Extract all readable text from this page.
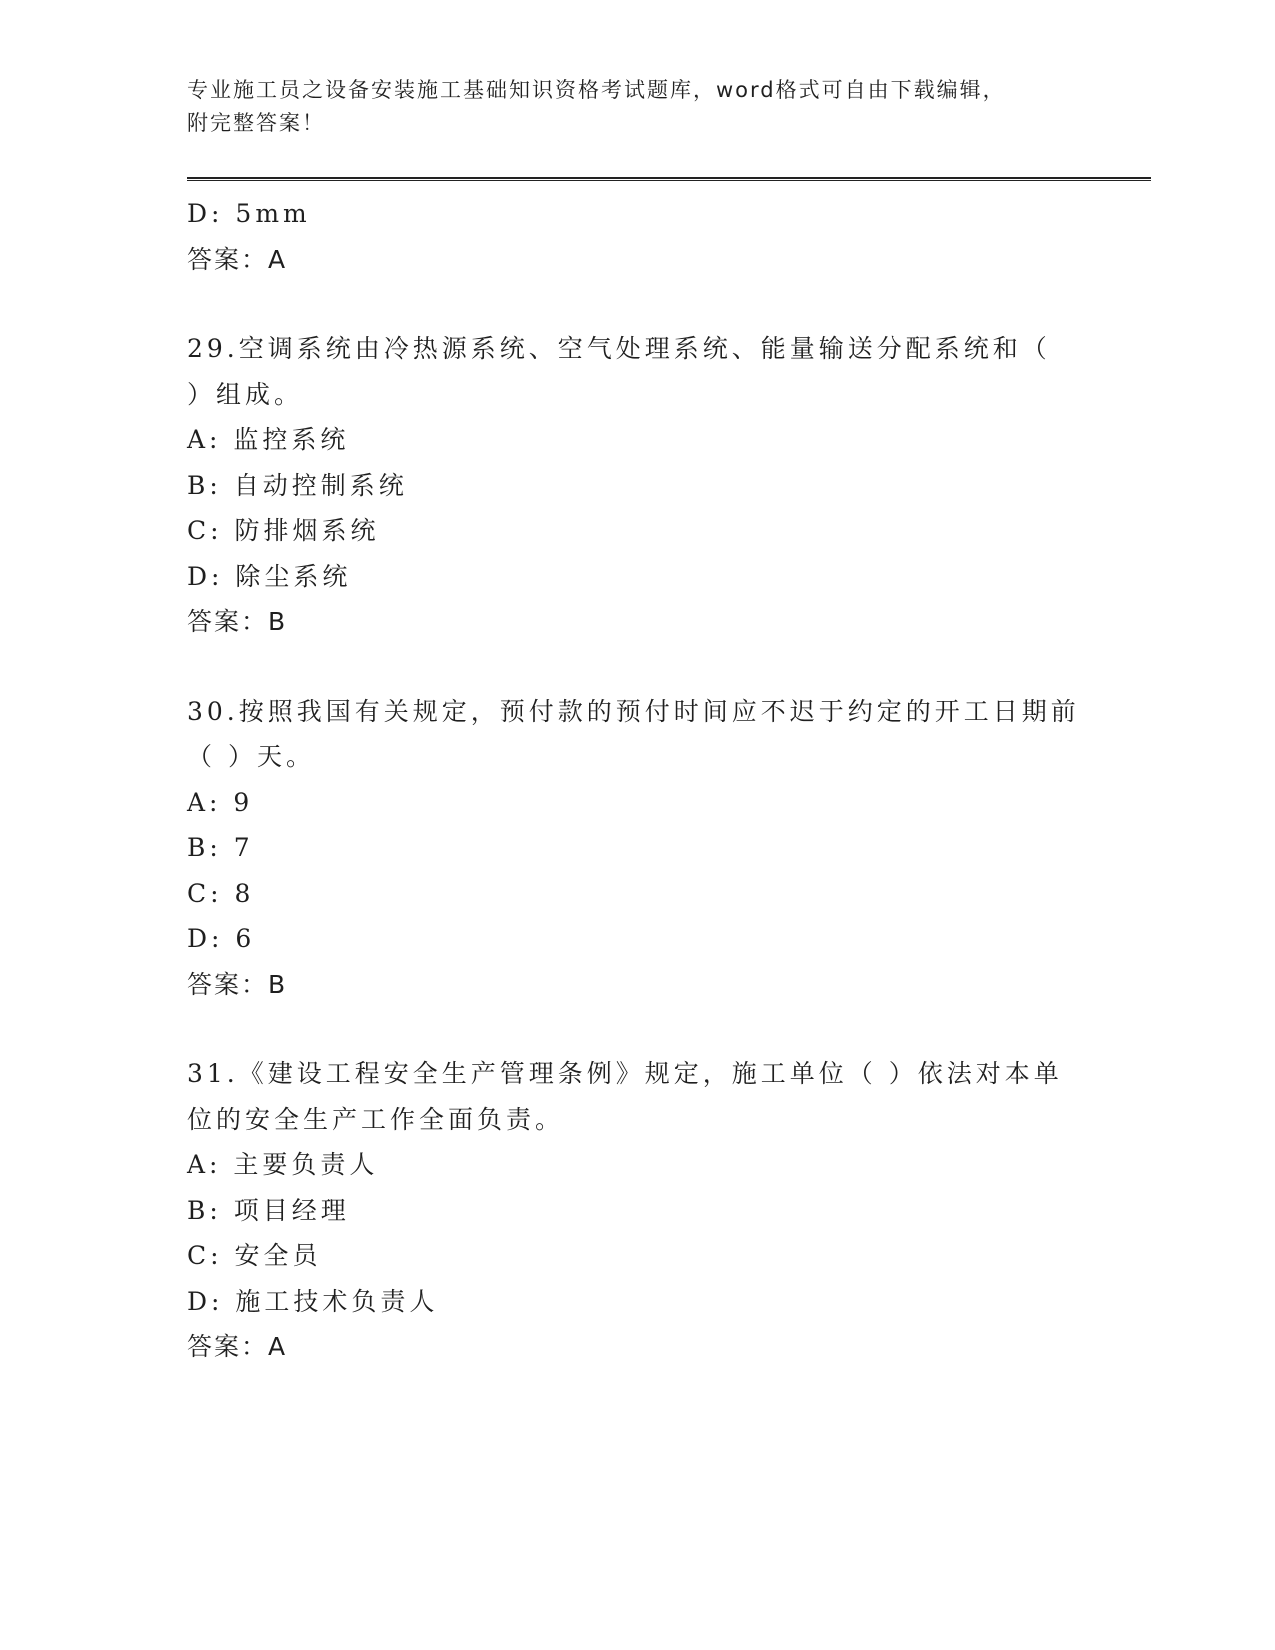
专业施工员之设备安装施工基础知识资格考试题库，word格式可自由下载编辑，
附完整答案！
D: 5mm
答案：A
29.空调系统由冷热源系统、空气处理系统、能量输送分配系统和（
）组成。
A: 监控系统
B: 自动控制系统
C: 防排烟系统
D: 除尘系统
答案：B
30.按照我国有关规定，预付款的预付时间应不迟于约定的开工日期前
（ ）天。
A: 9
B: 7
C: 8
D: 6
答案：B
31.《建设工程安全生产管理条例》规定，施工单位（ ）依法对本单
位的安全生产工作全面负责。
A: 主要负责人
B: 项目经理
C: 安全员
D: 施工技术负责人
答案：A
